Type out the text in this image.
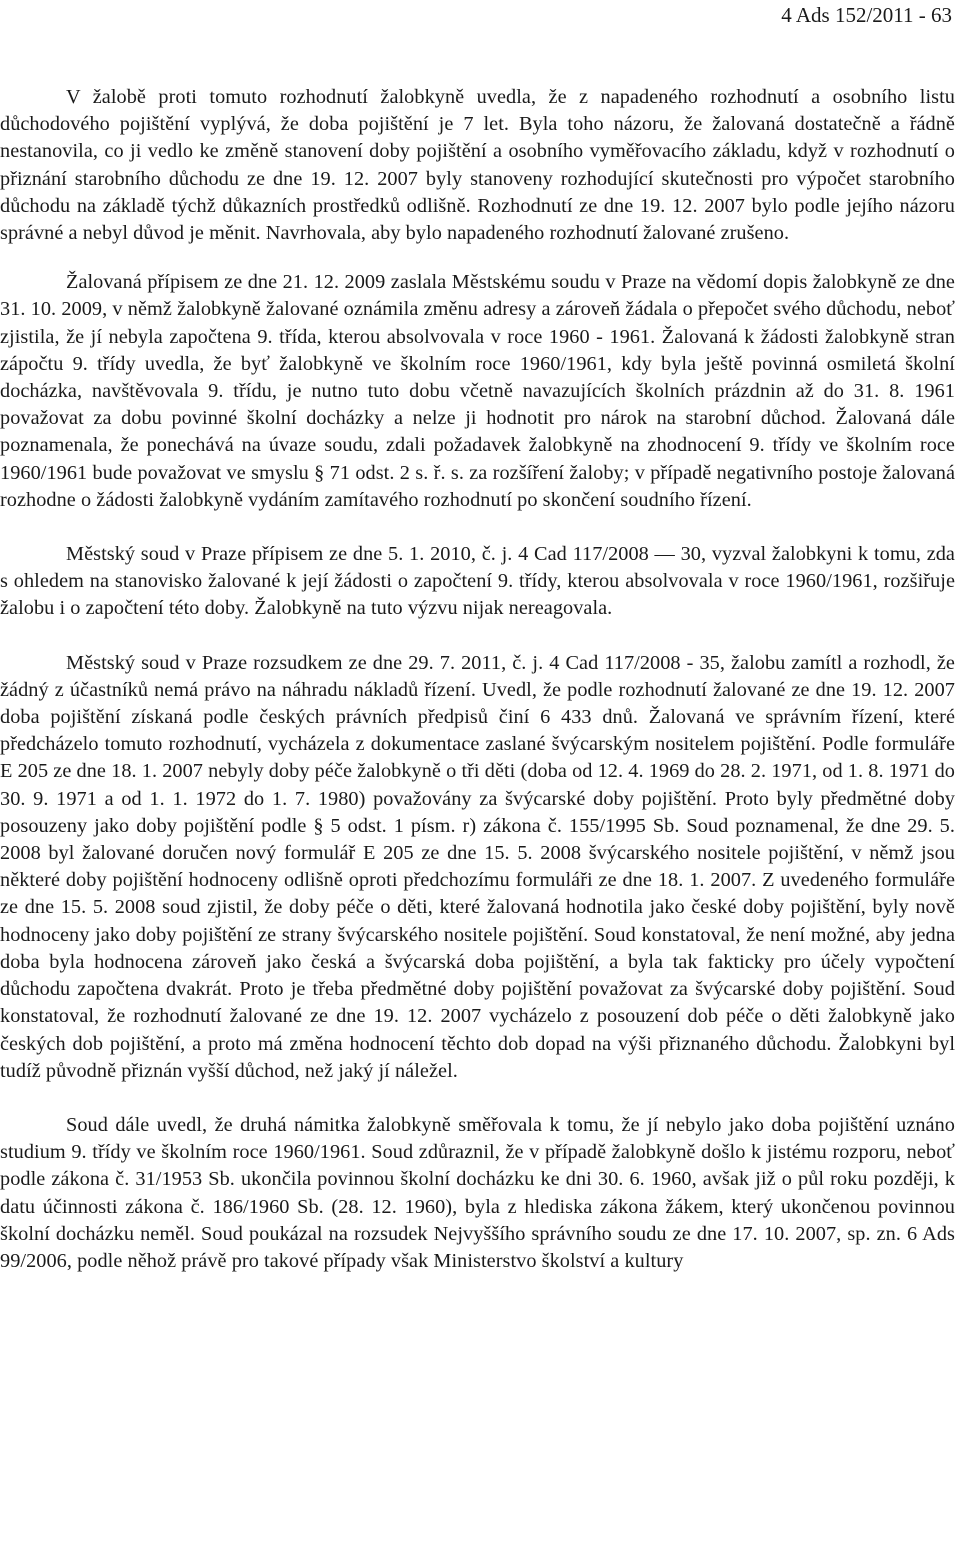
4 Ads 152/2011 - 63

V žalobě proti tomuto rozhodnutí žalobkyně uvedla, že z napadeného rozhodnutí a osobního listu důchodového pojištění vyplývá, že doba pojištění je 7 let. Byla toho názoru, že žalovaná dostatečně a řádně nestanovila, co ji vedlo ke změně stanovení doby pojištění a osobního vyměřovacího základu, když v rozhodnutí o přiznání starobního důchodu ze dne 19. 12. 2007 byly stanoveny rozhodující skutečnosti pro výpočet starobního důchodu na základě týchž důkazních prostředků odlišně. Rozhodnutí ze dne 19. 12. 2007 bylo podle jejího názoru správné a nebyl důvod je měnit. Navrhovala, aby bylo napadeného rozhodnutí žalované zrušeno.

Žalovaná přípisem ze dne 21. 12. 2009 zaslala Městskému soudu v Praze na vědomí dopis žalobkyně ze dne 31. 10. 2009, v němž žalobkyně žalované oznámila změnu adresy a zároveň žádala o přepočet svého důchodu, neboť zjistila, že jí nebyla započtena 9. třída, kterou absolvovala v roce 1960 - 1961. Žalovaná k žádosti žalobkyně stran zápočtu 9. třídy uvedla, že byť žalobkyně ve školním roce 1960/1961, kdy byla ještě povinná osmiletá školní docházka, navštěvovala 9. třídu, je nutno tuto dobu včetně navazujících školních prázdnin až do 31. 8. 1961 považovat za dobu povinné školní docházky a nelze ji hodnotit pro nárok na starobní důchod. Žalovaná dále poznamenala, že ponechává na úvaze soudu, zdali požadavek žalobkyně na zhodnocení 9. třídy ve školním roce 1960/1961 bude považovat ve smyslu § 71 odst. 2 s. ř. s. za rozšíření žaloby; v případě negativního postoje žalovaná rozhodne o žádosti žalobkyně vydáním zamítavého rozhodnutí po skončení soudního řízení.

Městský soud v Praze přípisem ze dne 5. 1. 2010, č. j. 4 Cad 117/2008 — 30, vyzval žalobkyni k tomu, zda s ohledem na stanovisko žalované k její žádosti o započtení 9. třídy, kterou absolvovala v roce 1960/1961, rozšiřuje žalobu i o započtení této doby. Žalobkyně na tuto výzvu nijak nereagovala.

Městský soud v Praze rozsudkem ze dne 29. 7. 2011, č. j. 4 Cad 117/2008 - 35, žalobu zamítl a rozhodl, že žádný z účastníků nemá právo na náhradu nákladů řízení. Uvedl, že podle rozhodnutí žalované ze dne 19. 12. 2007 doba pojištění získaná podle českých právních předpisů činí 6 433 dnů. Žalovaná ve správním řízení, které předcházelo tomuto rozhodnutí, vycházela z dokumentace zaslané švýcarským nositelem pojištění. Podle formuláře E 205 ze dne 18. 1. 2007 nebyly doby péče žalobkyně o tři děti (doba od 12. 4. 1969 do 28. 2. 1971, od 1. 8. 1971 do 30. 9. 1971 a od 1. 1. 1972 do 1. 7. 1980) považovány za švýcarské doby pojištění. Proto byly předmětné doby posouzeny jako doby pojištění podle § 5 odst. 1 písm. r) zákona č. 155/1995 Sb. Soud poznamenal, že dne 29. 5. 2008 byl žalované doručen nový formulář E 205 ze dne 15. 5. 2008 švýcarského nositele pojištění, v němž jsou některé doby pojištění hodnoceny odlišně oproti předchozímu formuláři ze dne 18. 1. 2007. Z uvedeného formuláře ze dne 15. 5. 2008 soud zjistil, že doby péče o děti, které žalovaná hodnotila jako české doby pojištění, byly nově hodnoceny jako doby pojištění ze strany švýcarského nositele pojištění. Soud konstatoval, že není možné, aby jedna doba byla hodnocena zároveň jako česká a švýcarská doba pojištění, a byla tak fakticky pro účely vypočtení důchodu započtena dvakrát. Proto je třeba předmětné doby pojištění považovat za švýcarské doby pojištění. Soud konstatoval, že rozhodnutí žalované ze dne 19. 12. 2007 vycházelo z posouzení dob péče o děti žalobkyně jako českých dob pojištění, a proto má změna hodnocení těchto dob dopad na výši přiznaného důchodu. Žalobkyni byl tudíž původně přiznán vyšší důchod, než jaký jí náležel.

Soud dále uvedl, že druhá námitka žalobkyně směřovala k tomu, že jí nebylo jako doba pojištění uznáno studium 9. třídy ve školním roce 1960/1961. Soud zdůraznil, že v případě žalobkyně došlo k jistému rozporu, neboť podle zákona č. 31/1953 Sb. ukončila povinnou školní docházku ke dni 30. 6. 1960, avšak již o půl roku později, k datu účinnosti zákona č. 186/1960 Sb. (28. 12. 1960), byla z hlediska zákona žákem, který ukončenou povinnou školní docházku neměl. Soud poukázal na rozsudek Nejvyššího správního soudu ze dne 17. 10. 2007, sp. zn. 6 Ads 99/2006, podle něhož právě pro takové případy však Ministerstvo školství a kultury
